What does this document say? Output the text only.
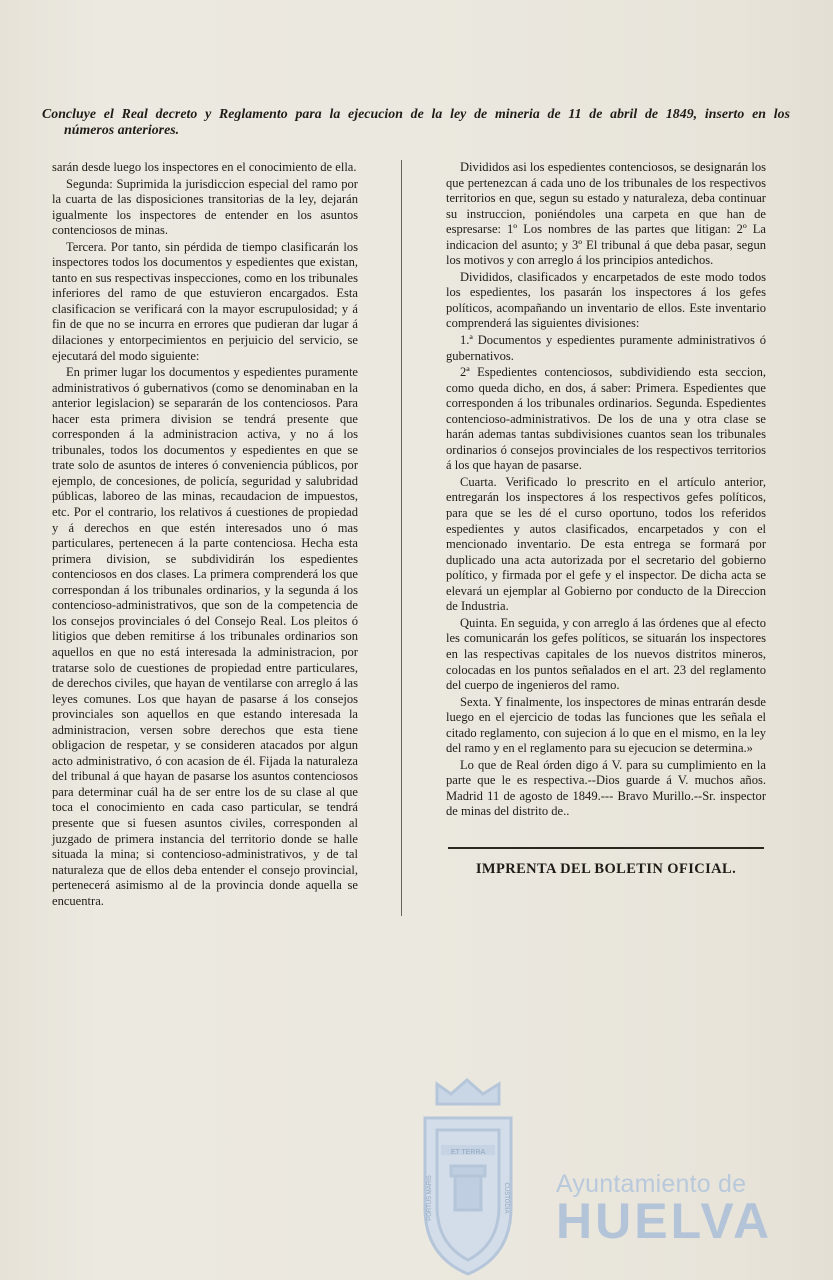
Concluye el Real decreto y Reglamento para la ejecucion de la ley de mineria de 11 de abril de 1849, inserto en los
números anteriores.

sarán desde luego los inspectores en el conocimiento de ella.

Segunda: Suprimida la jurisdiccion especial del ramo por la cuarta de las disposiciones transitorias de la ley, dejarán igualmente los inspectores de entender en los asuntos contenciosos de minas.

Tercera. Por tanto, sin pérdida de tiempo clasificarán los inspectores todos los documentos y espedientes que existan, tanto en sus respectivas inspecciones, como en los tribunales inferiores del ramo de que estuvieron encargados. Esta clasificacion se verificará con la mayor escrupulosidad; y á fin de que no se incurra en errores que pudieran dar lugar á dilaciones y entorpecimientos en perjuicio del servicio, se ejecutará del modo siguiente:

En primer lugar los documentos y espedientes puramente administrativos ó gubernativos (como se denominaban en la anterior legislacion) se separarán de los contenciosos. Para hacer esta primera division se tendrá presente que corresponden á la administracion activa, y no á los tribunales, todos los documentos y espedientes en que se trate solo de asuntos de interes ó conveniencia públicos, por ejemplo, de concesiones, de policía, seguridad y salubridad públicas, laboreo de las minas, recaudacion de impuestos, etc. Por el contrario, los relativos á cuestiones de propiedad y á derechos en que estén interesados uno ó mas particulares, pertenecen á la parte contenciosa. Hecha esta primera division, se subdividirán los espedientes contenciosos en dos clases. La primera comprenderá los que correspondan á los tribunales ordinarios, y la segunda á los contencioso-administrativos, que son de la competencia de los consejos provinciales ó del Consejo Real. Los pleitos ó litigios que deben remitirse á los tribunales ordinarios son aquellos en que no está interesada la administracion, por tratarse solo de cuestiones de propiedad entre particulares, de derechos civiles, que hayan de ventilarse con arreglo á las leyes comunes. Los que hayan de pasarse á los consejos provinciales son aquellos en que estando interesada la administracion, versen sobre derechos que esta tiene obligacion de respetar, y se consideren atacados por algun acto administrativo, ó con acasion de él. Fijada la naturaleza del tribunal á que hayan de pasarse los asuntos contenciosos para determinar cuál ha de ser entre los de su clase al que toca el conocimiento en cada caso particular, se tendrá presente que si fuesen asuntos civiles, corresponden al juzgado de primera instancia del territorio donde se halle situada la mina; si contencioso-administrativos, y de tal naturaleza que de ellos deba entender el consejo provincial, pertenecerá asimismo al de la provincia donde aquella se encuentra.

Divididos asi los espedientes contenciosos, se designarán los que pertenezcan á cada uno de los tribunales de los respectivos territorios en que, segun su estado y naturaleza, deba continuar su instruccion, poniéndoles una carpeta en que han de espresarse: 1º Los nombres de las partes que litigan: 2º La indicacion del asunto; y 3º El tribunal á que deba pasar, segun los motivos y con arreglo á los principios antedichos.

Divididos, clasificados y encarpetados de este modo todos los espedientes, los pasarán los inspectores á los gefes políticos, acompañando un inventario de ellos. Este inventario comprenderá las siguientes divisiones:

1.ª Documentos y espedientes puramente administrativos ó gubernativos.

2ª Espedientes contenciosos, subdividiendo esta seccion, como queda dicho, en dos, á saber: Primera. Espedientes que corresponden á los tribunales ordinarios. Segunda. Espedientes contencioso-administrativos. De los de una y otra clase se harán ademas tantas subdivisiones cuantos sean los tribunales ordinarios ó consejos provinciales de los respectivos territorios á los que hayan de pasarse.

Cuarta. Verificado lo prescrito en el artículo anterior, entregarán los inspectores á los respectivos gefes políticos, para que se les dé el curso oportuno, todos los referidos espedientes y autos clasificados, encarpetados y con el mencionado inventario. De esta entrega se formará por duplicado una acta autorizada por el secretario del gobierno político, y firmada por el gefe y el inspector. De dicha acta se elevará un ejemplar al Gobierno por conducto de la Direccion de Industria.

Quinta. En seguida, y con arreglo á las órdenes que al efecto les comunicarán los gefes políticos, se situarán los inspectores en las respectivas capitales de los nuevos distritos mineros, colocadas en los puntos señalados en el art. 23 del reglamento del cuerpo de ingenieros del ramo.

Sexta. Y finalmente, los inspectores de minas entrarán desde luego en el ejercicio de todas las funciones que les señala el citado reglamento, con sujecion á lo que en el mismo, en la ley del ramo y en el reglamento para su ejecucion se determina.»

Lo que de Real órden digo á V. para su cumplimiento en la parte que le es respectiva.--Dios guarde á V. muchos años. Madrid 11 de agosto de 1849.--- Bravo Murillo.--Sr. inspector de minas del distrito de..

IMPRENTA DEL BOLETIN OFICIAL.
ET TERRA
PORTUS MARIS	CUSTODIA Ayuntamiento de
HUELVA
